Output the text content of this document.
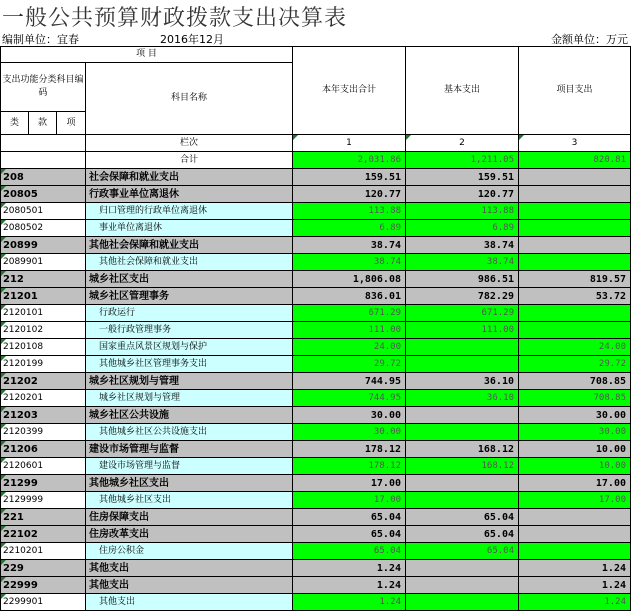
一般公共预算财政拨款支出决算表
编制单位：宜春	2016年12月	金额单位：万元
项 目				本年支出合计	基本支出	项目支出
支出功能分类科目编码			科目名称			

类	款	项				
			栏次	1	2	3
			合计	2,031.86	1,211.05	820.81
208			社会保障和就业支出	159.51	159.51	
20805			行政事业单位离退休	120.77	120.77	
2080501			归口管理的行政单位离退休	113.88	113.88	
2080502			事业单位离退休	6.89	6.89	
20899			其他社会保障和就业支出	38.74	38.74	
2089901			其他社会保障和就业支出	38.74	38.74	
212			城乡社区支出	1,806.08	986.51	819.57
21201			城乡社区管理事务	836.01	782.29	53.72
2120101			行政运行	671.29	671.29	
2120102			一般行政管理事务	111.00	111.00	
2120108			国家重点风景区规划与保护	24.00		24.00
2120199			其他城乡社区管理事务支出	29.72		29.72
21202			城乡社区规划与管理	744.95	36.10	708.85
2120201			城乡社区规划与管理	744.95	36.10	708.85
21203			城乡社区公共设施	30.00		30.00
2120399			其他城乡社区公共设施支出	30.00		30.00
21206			建设市场管理与监督	178.12	168.12	10.00
2120601			建设市场管理与监督	178.12	168.12	10.00
21299			其他城乡社区支出	17.00		17.00
2129999			其他城乡社区支出	17.00		17.00
221			住房保障支出	65.04	65.04	
22102			住房改革支出	65.04	65.04	
2210201			住房公积金	65.04	65.04	
229			其他支出	1.24		1.24
22999			其他支出	1.24		1.24
2299901			其他支出	1.24		1.24
